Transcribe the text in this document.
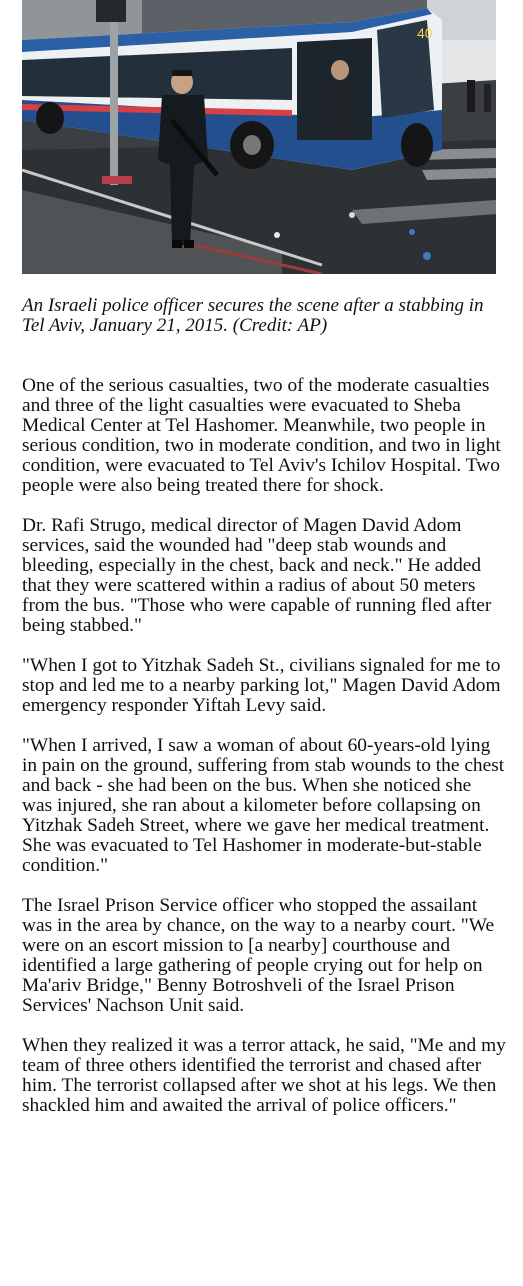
40

An Israeli police officer secures the scene after a stabbing in Tel Aviv, January 21, 2015. (Credit: AP)

One of the serious casualties, two of the moderate casualties and three of the light casualties were evacuated to Sheba Medical Center at Tel Hashomer. Meanwhile, two people in serious condition, two in moderate condition, and two in light condition, were evacuated to Tel Aviv's Ichilov Hospital. Two people were also being treated there for shock.

Dr. Rafi Strugo, medical director of Magen David Adom services, said the wounded had "deep stab wounds and bleeding, especially in the chest, back and neck." He added that they were scattered within a radius of about 50 meters from the bus. "Those who were capable of running fled after being stabbed."

"When I got to Yitzhak Sadeh St., civilians signaled for me to stop and led me to a nearby parking lot," Magen David Adom emergency responder Yiftah Levy said.

"When I arrived, I saw a woman of about 60-years-old lying in pain on the ground, suffering from stab wounds to the chest and back - she had been on the bus. When she noticed she was injured, she ran about a kilometer before collapsing on Yitzhak Sadeh Street, where we gave her medical treatment. She was evacuated to Tel Hashomer in moderate-but-stable condition."

The Israel Prison Service officer who stopped the assailant was in the area by chance, on the way to a nearby court. "We were on an escort mission to [a nearby] courthouse and identified a large gathering of people crying out for help on Ma'ariv Bridge," Benny Botroshveli of the Israel Prison Services' Nachson Unit said.

When they realized it was a terror attack, he said, "Me and my team of three others identified the terrorist and chased after him. The terrorist collapsed after we shot at his legs. We then shackled him and awaited the arrival of police officers."
